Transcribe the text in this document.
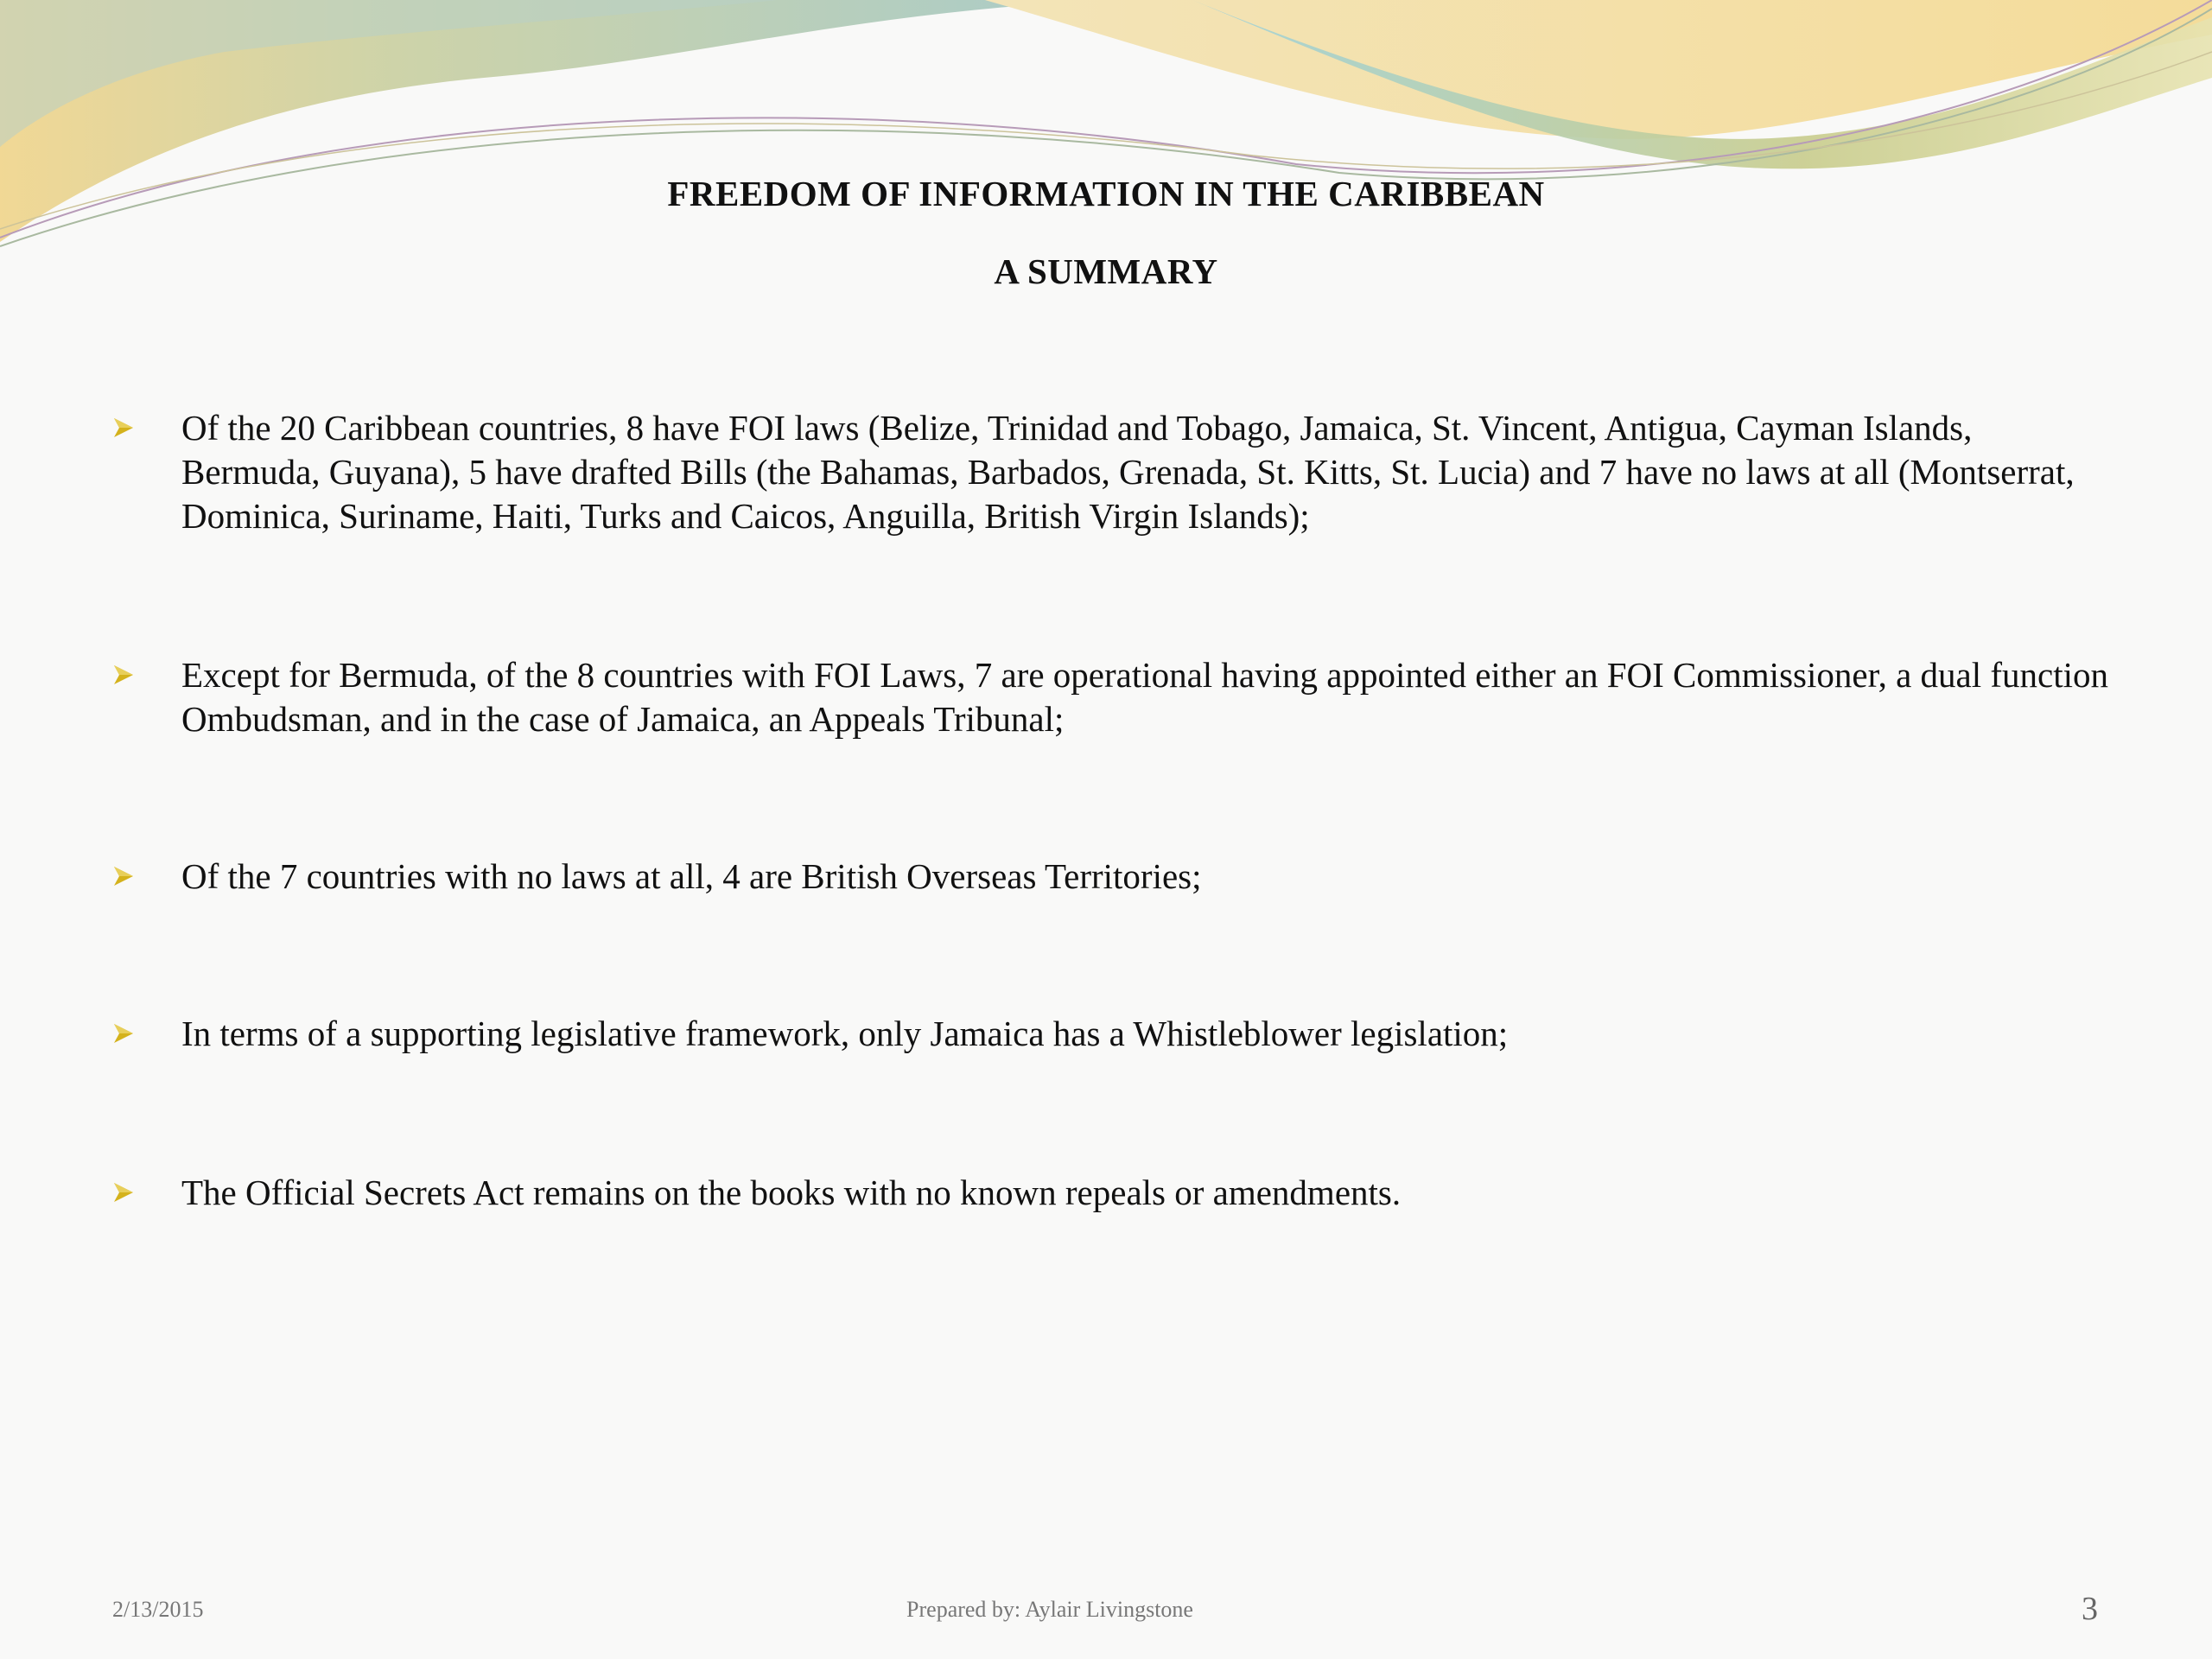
FREEDOM OF INFORMATION IN THE CARIBBEAN
A SUMMARY
Of the 20 Caribbean countries, 8 have FOI laws (Belize, Trinidad and Tobago, Jamaica, St. Vincent, Antigua, Cayman Islands, Bermuda, Guyana), 5 have drafted Bills (the Bahamas, Barbados, Grenada, St. Kitts, St. Lucia) and 7 have no laws at all (Montserrat, Dominica, Suriname, Haiti, Turks and Caicos, Anguilla, British Virgin Islands);
Except for Bermuda, of the 8 countries with FOI Laws, 7 are operational having appointed either an FOI Commissioner, a dual function Ombudsman, and in the case of Jamaica, an Appeals Tribunal;
Of the 7 countries with no laws at all, 4 are British Overseas Territories;
In terms of a supporting legislative framework, only Jamaica has a Whistleblower legislation;
The Official Secrets Act remains on the books with no known repeals or amendments.
2/13/2015	Prepared by: Aylair Livingstone	3
